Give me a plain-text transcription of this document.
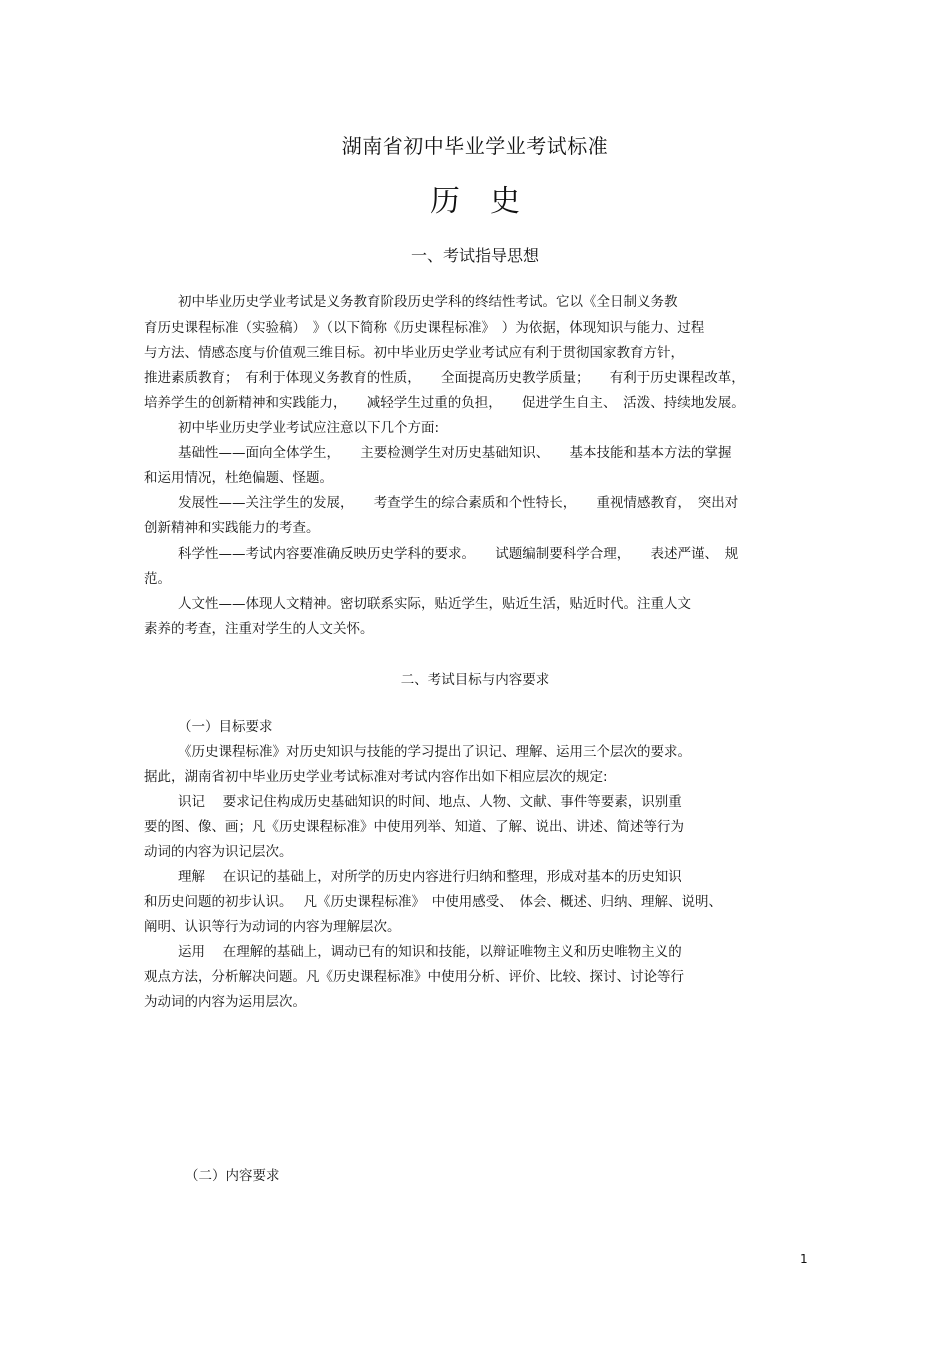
湖南省初中毕业学业考试标准
历史
一、考试指导思想
初中毕业历史学业考试是义务教育阶段历史学科的终结性考试。它以《全日制义务教
育历史课程标准（实验稿）　》（以下简称《历史课程标准》　）为依据，体现知识与能力、过程
与方法、情感态度与价值观三维目标。初中毕业历史学业考试应有利于贯彻国家教育方针，
推进素质教育；　有利于体现义务教育的性质，　　全面提高历史教学质量；　　有利于历史课程改革，
培养学生的创新精神和实践能力，　　减轻学生过重的负担，　　促进学生自主、　活泼、持续地发展。
初中毕业历史学业考试应注意以下几个方面:
基础性——面向全体学生，　　主要检测学生对历史基础知识、　　基本技能和基本方法的掌握
和运用情况，杜绝偏题、怪题。
发展性——关注学生的发展，　　考查学生的综合素质和个性特长，　　重视情感教育，　突出对
创新精神和实践能力的考查。
科学性——考试内容要准确反映历史学科的要求。　　试题编制要科学合理，　　表述严谨、　规
范。
人文性——体现人文精神。密切联系实际，贴近学生，贴近生活，贴近时代。注重人文
素养的考查，注重对学生的人文关怀。
二、考试目标与内容要求
（一）目标要求
《历史课程标准》对历史知识与技能的学习提出了识记、理解、运用三个层次的要求。
据此，湖南省初中毕业历史学业考试标准对考试内容作出如下相应层次的规定:
识记　 要求记住构成历史基础知识的时间、地点、人物、文献、事件等要素，识别重
要的图、像、画；凡《历史课程标准》中使用列举、知道、了解、说出、讲述、简述等行为
动词的内容为识记层次。
理解　 在识记的基础上，对所学的历史内容进行归纳和整理，形成对基本的历史知识
和历史问题的初步认识。　 凡《历史课程标准》　中使用感受、　体会、概述、归纳、理解、说明、
阐明、认识等行为动词的内容为理解层次。
运用　 在理解的基础上，调动已有的知识和技能，以辩证唯物主义和历史唯物主义的
观点方法，分析解决问题。凡《历史课程标准》中使用分析、评价、比较、探讨、讨论等行
为动词的内容为运用层次。
（二）内容要求
1
